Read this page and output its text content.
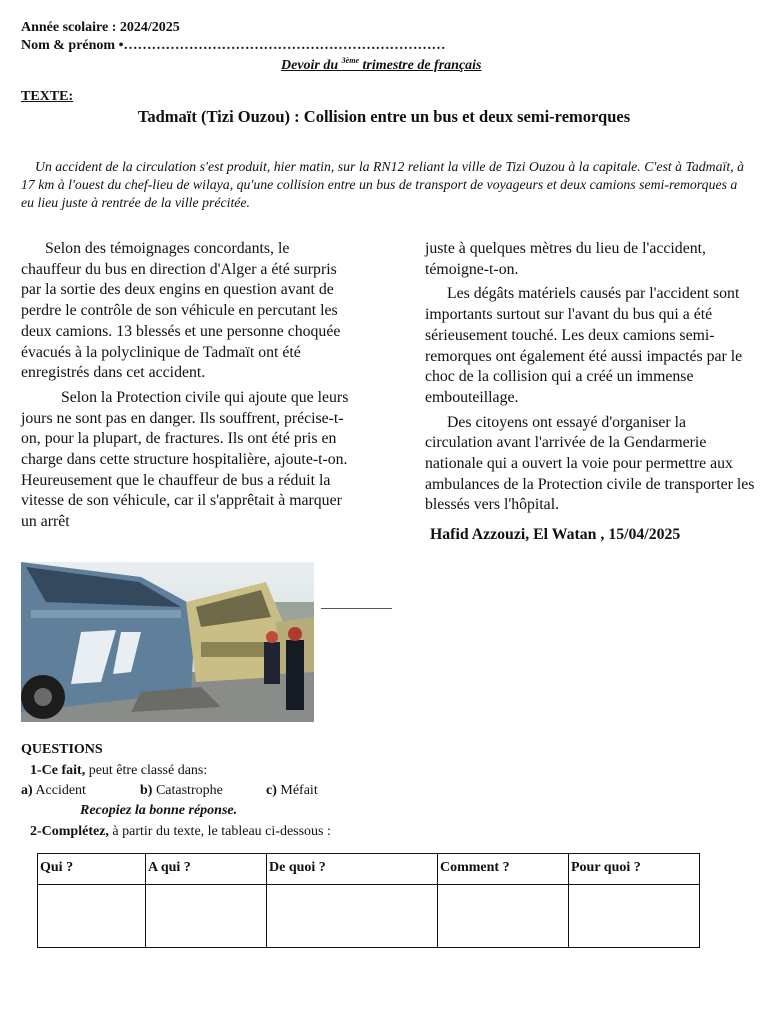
Année scolaire : 2024/2025
Nom & prénom •……………………………………………………………
Devoir du $^{3ème}$ trimestre de français
TEXTE:
Tadmaït (Tizi Ouzou) : Collision entre un bus et deux semi-remorques
Un accident de la circulation s'est produit, hier matin, sur la RN12 reliant la ville de Tizi Ouzou à la capitale. C'est à Tadmaït, à 17 km à l'ouest du chef-lieu de wilaya, qu'une collision entre un bus de transport de voyageurs et deux camions semi-remorques a eu lieu juste à rentrée de la ville précitée.

Selon des témoignages concordants, le chauffeur du bus en direction d'Alger a été surpris par la sortie des deux engins en question avant de perdre le contrôle de son véhicule en percutant les deux camions. 13 blessés et une personne choquée évacués à la polyclinique de Tadmaït ont été enregistrés dans cet accident.

Selon la Protection civile qui ajoute que leurs jours ne sont pas en danger. Ils souffrent, précise-t-on, pour la plupart, de fractures. Ils ont été pris en charge dans cette structure hospitalière, ajoute-t-on. Heureusement que le chauffeur de bus a réduit la vitesse de son véhicule, car il s'apprêtait à marquer un arrêt

juste à quelques mètres du lieu de l'accident, témoigne-t-on.

Les dégâts matériels causés par l'accident sont importants surtout sur l'avant du bus qui a été sérieusement touché. Les deux camions semi-remorques ont également été aussi impactés par le choc de la collision qui a créé un immense embouteillage.

Des citoyens ont essayé d'organiser la circulation avant l'arrivée de la Gendarmerie nationale qui a ouvert la voie pour permettre aux ambulances de la Protection civile de transporter les blessés vers l'hôpital.

Hafid Azzouzi, El Watan , 15/04/2025

QUESTIONS
1-Ce fait, peut être classé dans:
a) Accident	b) Catastrophe	c) Méfait
Recopiez la bonne réponse.
2-Complétez, à partir du texte, le tableau ci-dessous :
Qui ?	A qui ?	De quoi ?	Comment ?	Pour quoi ?
